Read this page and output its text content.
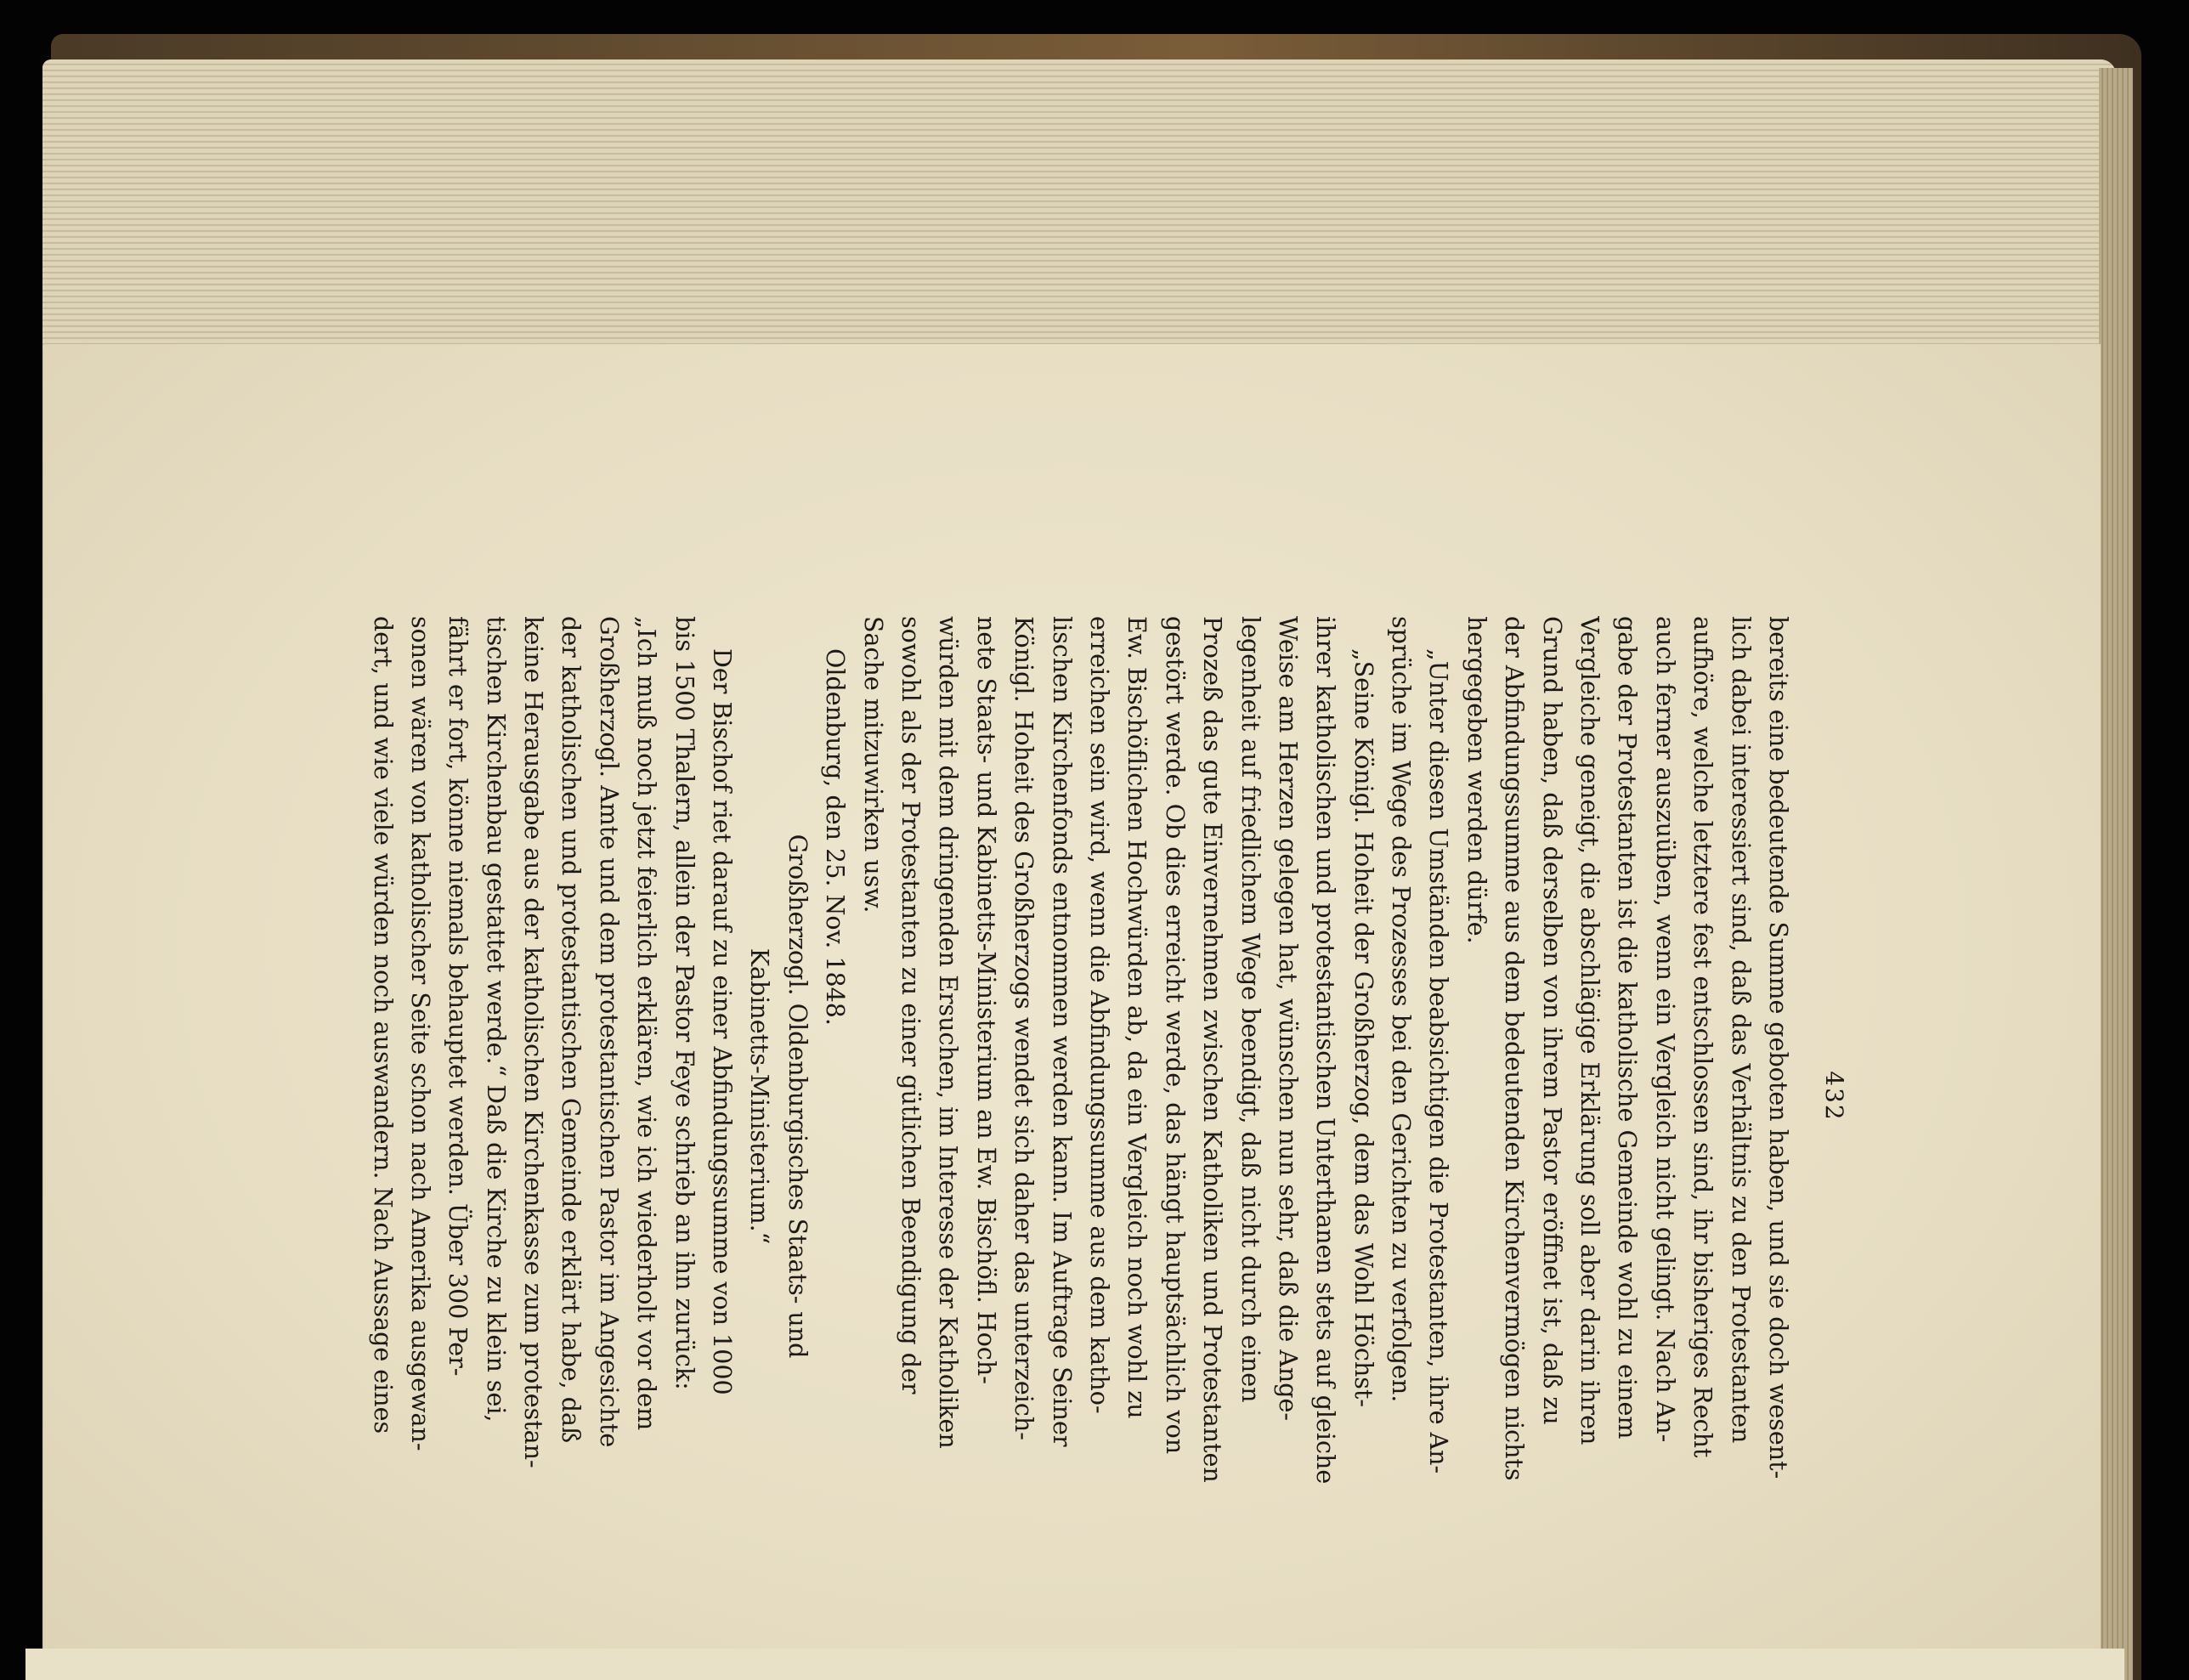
432

bereits eine bedeutende Summe geboten haben, und sie doch wesent-

lich dabei interessiert sind, daß das Verhältnis zu den Protestanten

aufhöre, welche letztere fest entschlossen sind, ihr bisheriges Recht

auch ferner auszuüben, wenn ein Vergleich nicht gelingt. Nach An-

gabe der Protestanten ist die katholische Gemeinde wohl zu einem

Vergleiche geneigt, die abschlägige Erklärung soll aber darin ihren

Grund haben, daß derselben von ihrem Pastor eröffnet ist, daß zu

der Abfindungssumme aus dem bedeutenden Kirchenvermögen nichts

hergegeben werden dürfe.

„Unter diesen Umständen beabsichtigen die Protestanten, ihre An-

sprüche im Wege des Prozesses bei den Gerichten zu verfolgen.

„Seine Königl. Hoheit der Großherzog, dem das Wohl Höchst-

ihrer katholischen und protestantischen Unterthanen stets auf gleiche

Weise am Herzen gelegen hat, wünschen nun sehr, daß die Ange-

legenheit auf friedlichem Wege beendigt, daß nicht durch einen

Prozeß das gute Einvernehmen zwischen Katholiken und Protestanten

gestört werde. Ob dies erreicht werde, das hängt hauptsächlich von

Ew. Bischöflichen Hochwürden ab, da ein Vergleich noch wohl zu

erreichen sein wird, wenn die Abfindungssumme aus dem katho-

lischen Kirchenfonds entnommen werden kann. Im Auftrage Seiner

Königl. Hoheit des Großherzogs wendet sich daher das unterzeich-

nete Staats- und Kabinetts-Ministerium an Ew. Bischöfl. Hoch-

würden mit dem dringenden Ersuchen, im Interesse der Katholiken

sowohl als der Protestanten zu einer gütlichen Beendigung der

Sache mitzuwirken usw.

Oldenburg, den 25. Nov. 1848.

Großherzogl. Oldenburgisches Staats- und

Kabinetts-Ministerium.“

Der Bischof riet darauf zu einer Abfindungssumme von 1000

bis 1500 Thalern, allein der Pastor Feye schrieb an ihn zurück:

„Ich muß noch jetzt feierlich erklären, wie ich wiederholt vor dem

Großherzogl. Amte und dem protestantischen Pastor im Angesichte

der katholischen und protestantischen Gemeinde erklärt habe, daß

keine Herausgabe aus der katholischen Kirchenkasse zum protestan-

tischen Kirchenbau gestattet werde.“ Daß die Kirche zu klein sei,

fährt er fort, könne niemals behauptet werden. Über 300 Per-

sonen wären von katholischer Seite schon nach Amerika ausgewan-

dert, und wie viele würden noch auswandern. Nach Aussage eines
